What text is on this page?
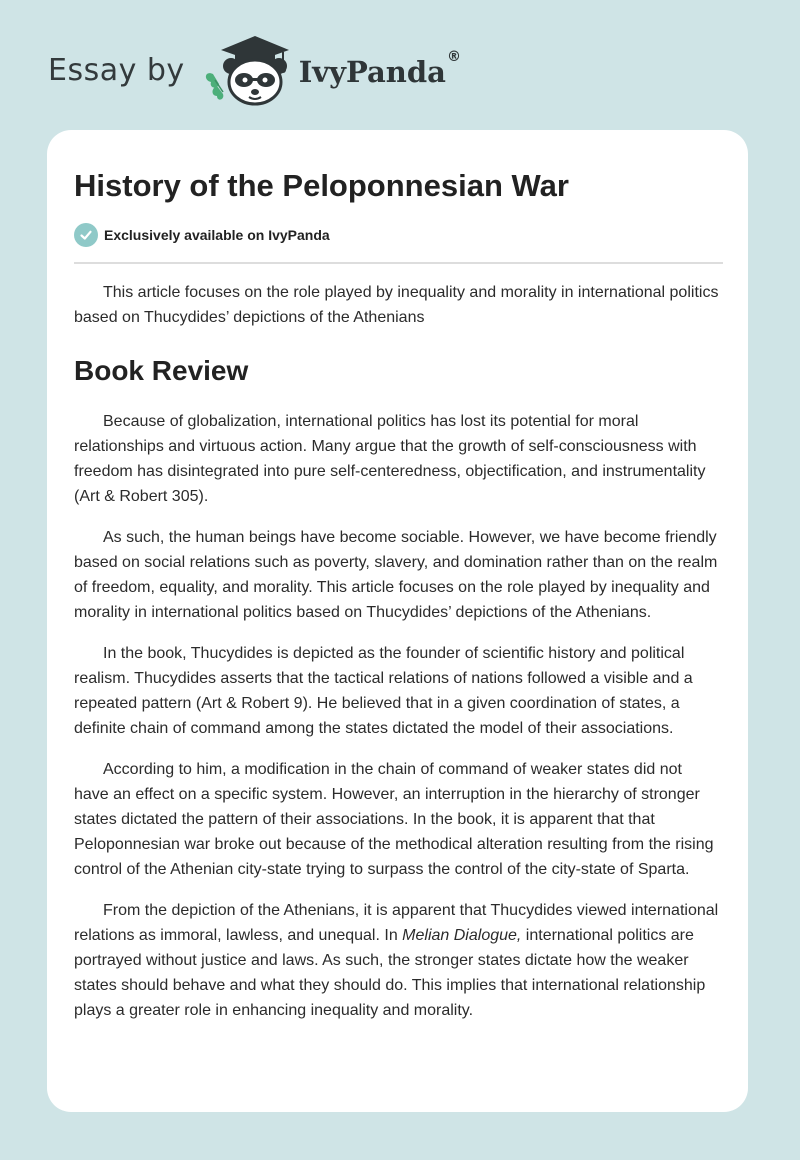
Essay by	IvyPanda®
History of the Peloponnesian War
Exclusively available on IvyPanda

This article focuses on the role played by inequality and morality in international politics based on Thucydides’ depictions of the Athenians

Book Review

Because of globalization, international politics has lost its potential for moral relationships and virtuous action. Many argue that the growth of self-consciousness with freedom has disintegrated into pure self-centeredness, objectification, and instrumentality (Art & Robert 305).

As such, the human beings have become sociable. However, we have become friendly based on social relations such as poverty, slavery, and domination rather than on the realm of freedom, equality, and morality. This article focuses on the role played by inequality and morality in international politics based on Thucydides’ depictions of the Athenians.

In the book, Thucydides is depicted as the founder of scientific history and political realism. Thucydides asserts that the tactical relations of nations followed a visible and a repeated pattern (Art & Robert 9). He believed that in a given coordination of states, a definite chain of command among the states dictated the model of their associations.

According to him, a modification in the chain of command of weaker states did not have an effect on a specific system. However, an interruption in the hierarchy of stronger states dictated the pattern of their associations. In the book, it is apparent that that Peloponnesian war broke out because of the methodical alteration resulting from the rising control of the Athenian city-state trying to surpass the control of the city-state of Sparta.

From the depiction of the Athenians, it is apparent that Thucydides viewed international relations as immoral, lawless, and unequal. In Melian Dialogue, international politics are portrayed without justice and laws. As such, the stronger states dictate how the weaker states should behave and what they should do. This implies that international relationship plays a greater role in enhancing inequality and morality.
